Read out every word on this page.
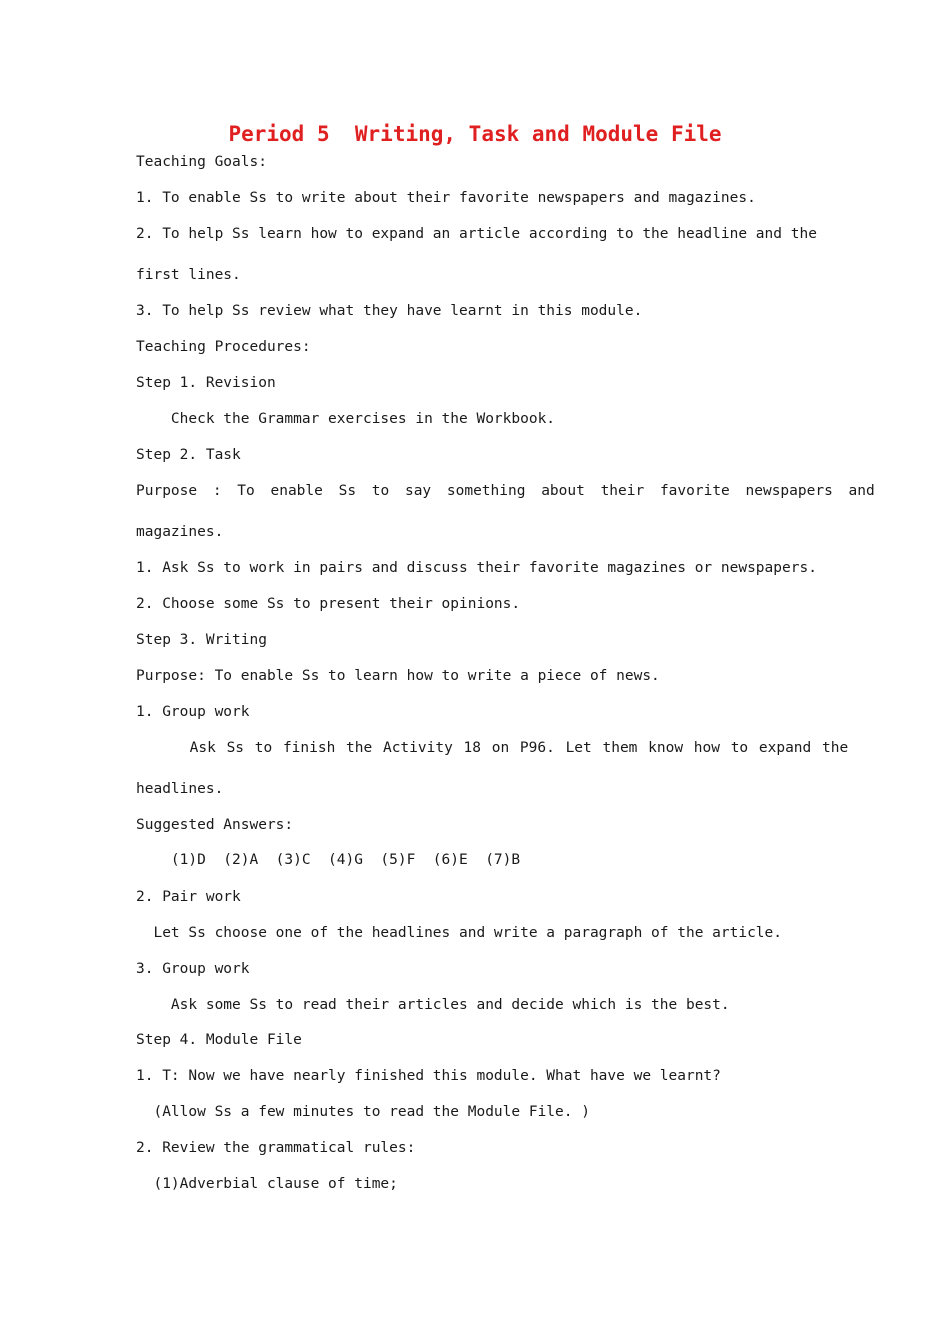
Period 5  Writing, Task and Module File
Teaching Goals:
1. To enable Ss to write about their favorite newspapers and magazines.
2. To help Ss learn how to expand an article according to the headline and the
first lines.
3. To help Ss review what they have learnt in this module.
Teaching Procedures:
Step 1. Revision
Check the Grammar exercises in the Workbook.
Step 2. Task
Purpose : To enable Ss to say something about their favorite newspapers and
magazines.
1. Ask Ss to work in pairs and discuss their favorite magazines or newspapers.
2. Choose some Ss to present their opinions.
Step 3. Writing
Purpose: To enable Ss to learn how to write a piece of news.
1. Group work
Ask Ss to finish the Activity 18 on P96. Let them know how to expand the
headlines.
Suggested Answers:
(1)D  (2)A  (3)C  (4)G  (5)F  (6)E  (7)B
2. Pair work
Let Ss choose one of the headlines and write a paragraph of the article.
3. Group work
Ask some Ss to read their articles and decide which is the best.
Step 4. Module File
1. T: Now we have nearly finished this module. What have we learnt?
(Allow Ss a few minutes to read the Module File. )
2. Review the grammatical rules:
(1)Adverbial clause of time;
